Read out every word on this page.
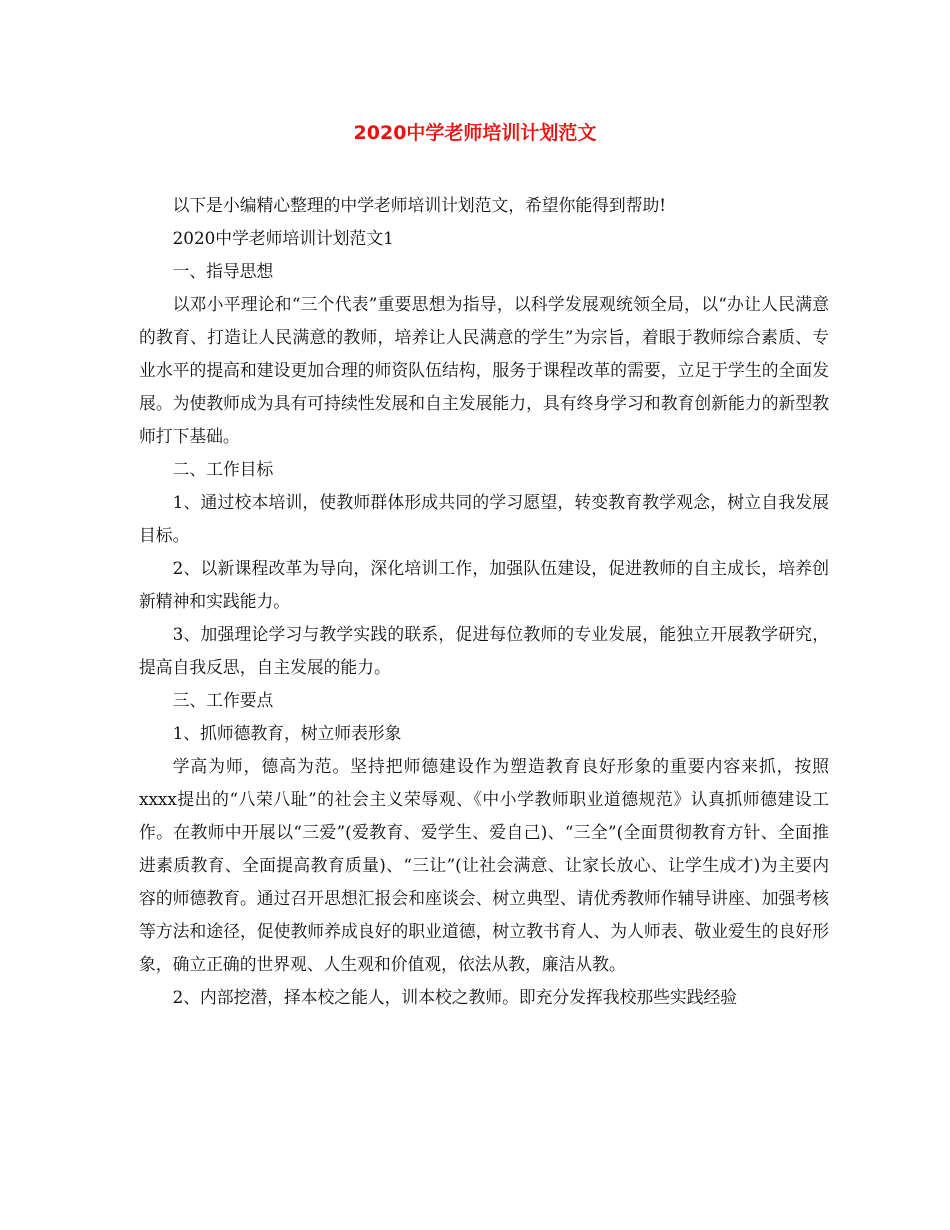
2020中学老师培训计划范文

以下是小编精心整理的中学老师培训计划范文，希望你能得到帮助!

2020中学老师培训计划范文1

一、指导思想

以邓小平理论和“三个代表”重要思想为指导，以科学发展观统领全局，以“办让人民满意的教育、打造让人民满意的教师，培养让人民满意的学生”为宗旨，着眼于教师综合素质、专业水平的提高和建设更加合理的师资队伍结构，服务于课程改革的需要，立足于学生的全面发展。为使教师成为具有可持续性发展和自主发展能力，具有终身学习和教育创新能力的新型教师打下基础。

二、工作目标

1、通过校本培训，使教师群体形成共同的学习愿望，转变教育教学观念，树立自我发展目标。

2、以新课程改革为导向，深化培训工作，加强队伍建设，促进教师的自主成长，培养创新精神和实践能力。

3、加强理论学习与教学实践的联系，促进每位教师的专业发展，能独立开展教学研究，提高自我反思，自主发展的能力。

三、工作要点

1、抓师德教育，树立师表形象

学高为师，德高为范。坚持把师德建设作为塑造教育良好形象的重要内容来抓，按照xxxx提出的“八荣八耻”的社会主义荣辱观、《中小学教师职业道德规范》认真抓师德建设工作。在教师中开展以“三爱”(爱教育、爱学生、爱自己)、“三全”(全面贯彻教育方针、全面推进素质教育、全面提高教育质量)、“三让”(让社会满意、让家长放心、让学生成才)为主要内容的师德教育。通过召开思想汇报会和座谈会、树立典型、请优秀教师作辅导讲座、加强考核等方法和途径，促使教师养成良好的职业道德，树立教书育人、为人师表、敬业爱生的良好形象，确立正确的世界观、人生观和价值观，依法从教，廉洁从教。

2、内部挖潜，择本校之能人，训本校之教师。即充分发挥我校那些实践经验
